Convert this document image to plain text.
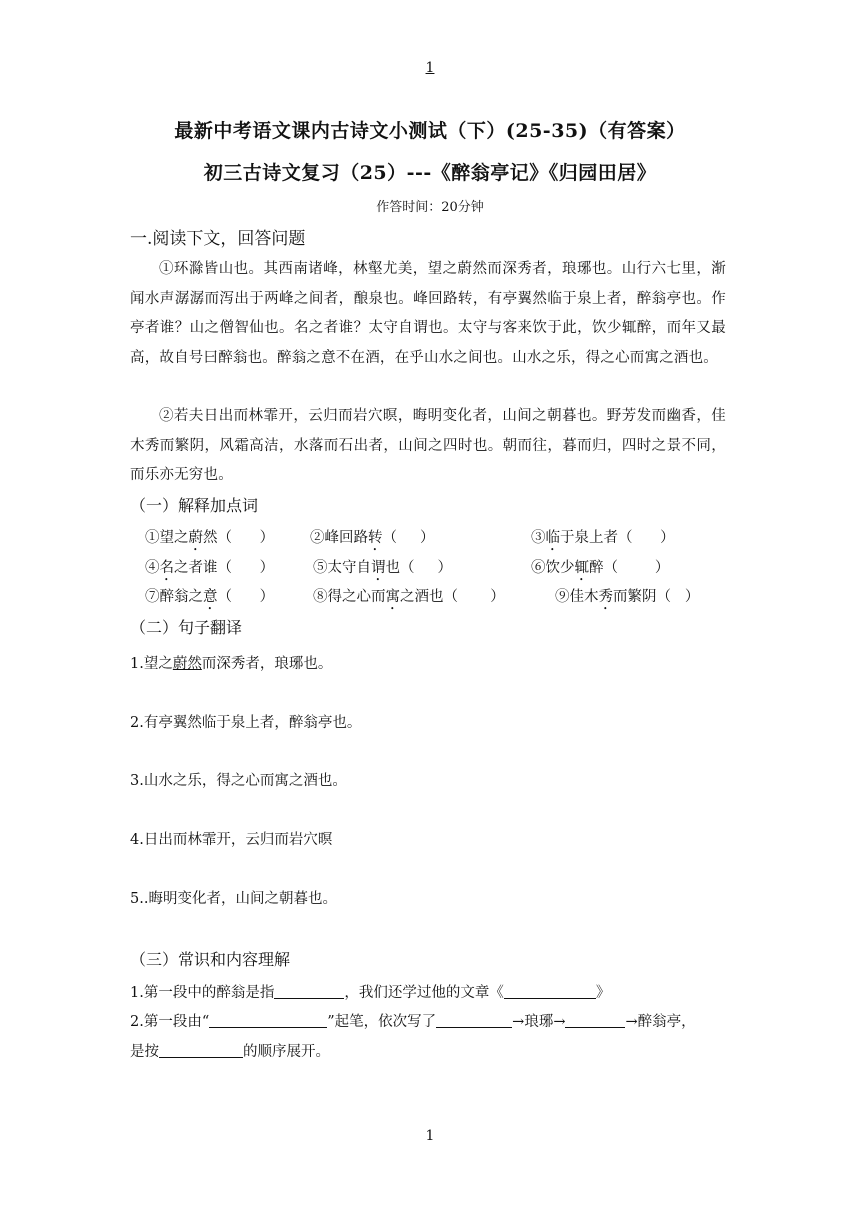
1
最新中考语文课内古诗文小测试（下）(25-35)（有答案）
初三古诗文复习（25）---《醉翁亭记》《归园田居》
作答时间：20分钟
一.阅读下文，回答问题
①环滁皆山也。其西南诸峰，林壑尤美，望之蔚然而深秀者，琅琊也。山行六七里，渐闻水声潺潺而泻出于两峰之间者，酿泉也。峰回路转，有亭翼然临于泉上者，醉翁亭也。作亭者谁？山之僧智仙也。名之者谁？太守自谓也。太守与客来饮于此，饮少辄醉，而年又最高，故自号曰醉翁也。醉翁之意不在酒，在乎山水之间也。山水之乐，得之心而寓之酒也。
②若夫日出而林霏开，云归而岩穴暝，晦明变化者，山间之朝暮也。野芳发而幽香，佳木秀而繁阴，风霜高洁，水落而石出者，山间之四时也。朝而往，暮而归，四时之景不同，而乐亦无穷也。
（一）解释加点词
①望之蔚然（      ） ②峰回路转（     ）	③临于泉上者（      ）
④名之者谁（      ）	⑤太守自谓也（     ）	⑥饮少辄醉（        ）
⑦醉翁之意（      ）	⑧得之心而寓之酒也（       ）	⑨佳木秀而繁阴（   ）
（二）句子翻译
1.望之蔚然而深秀者，琅琊也。
2.有亭翼然临于泉上者，醉翁亭也。
3.山水之乐，得之心而寓之酒也。
4.日出而林霏开，云归而岩穴暝
5..晦明变化者，山间之朝暮也。
（三）常识和内容理解
1.第一段中的醉翁是指	，我们还学过他的文章《	》
2.第一段由“	”起笔，依次写了	→琅琊→	→醉翁亭，
是按	的顺序展开。
1
